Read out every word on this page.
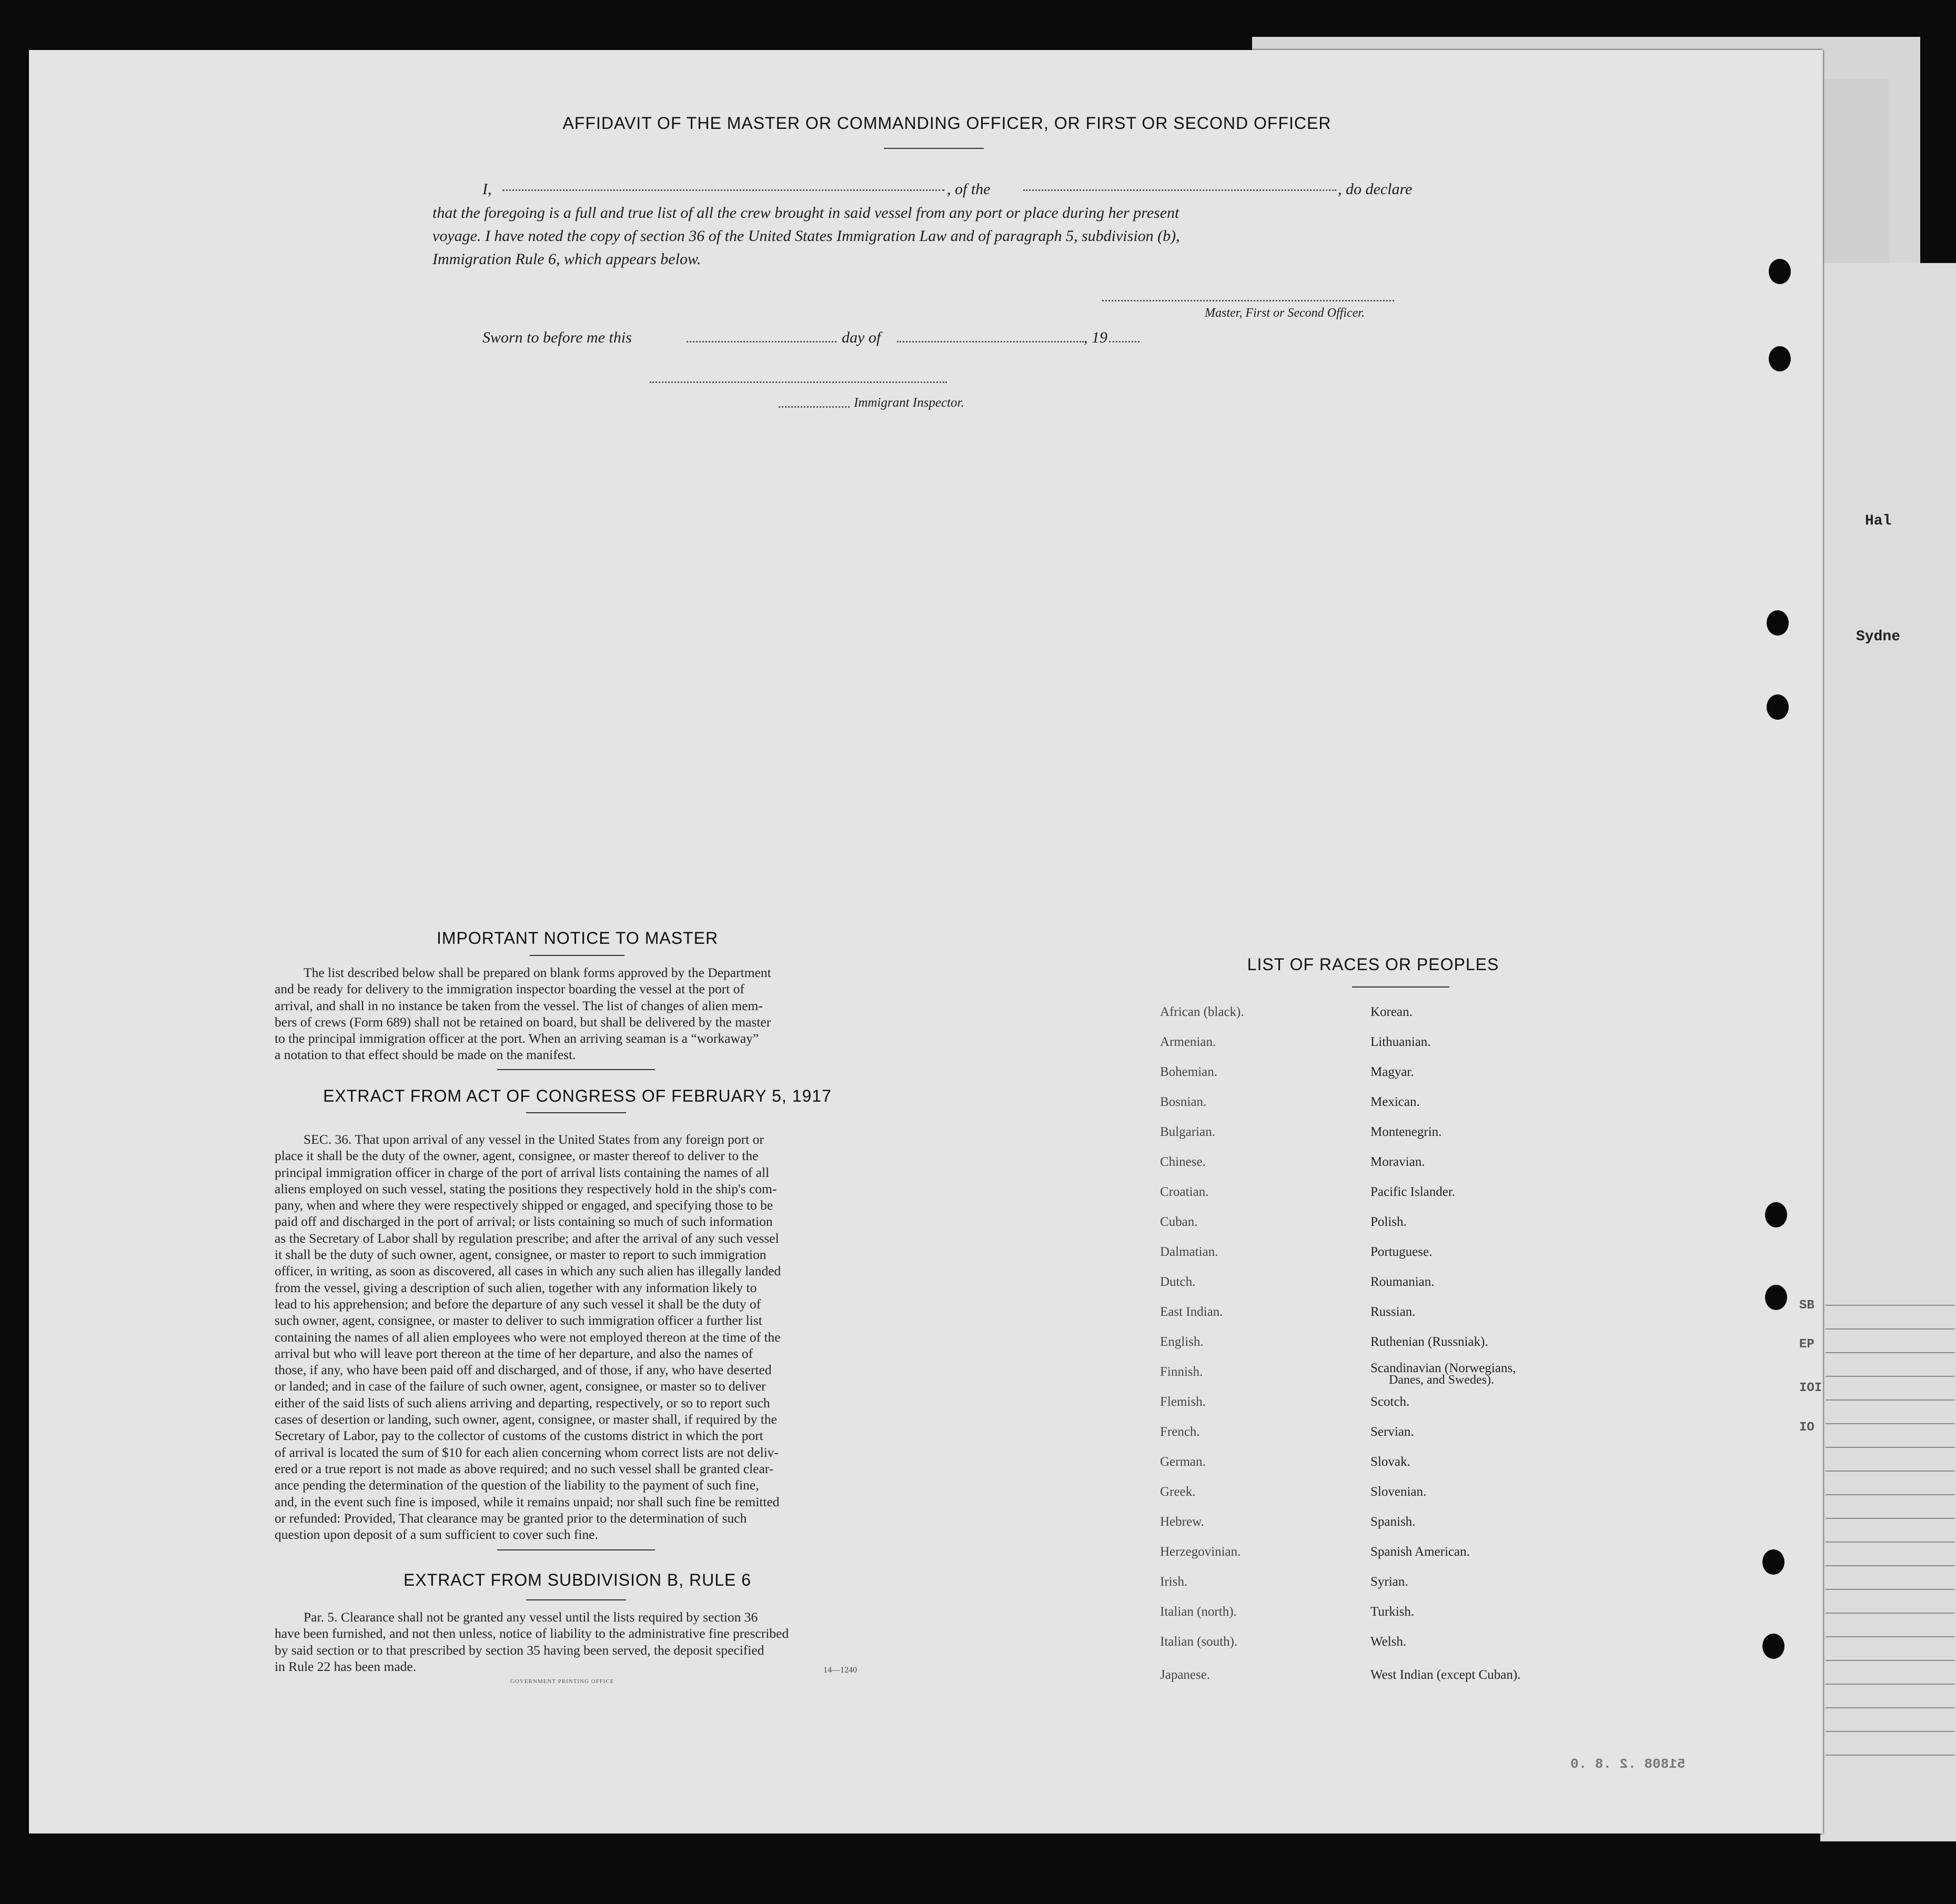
Hal
Sydne
SB
EP
IOI
IO
51808 .2 .8 .0
AFFIDAVIT OF THE MASTER OR COMMANDING OFFICER, OR FIRST OR SECOND OFFICER
I,	, of the	, do declare
that the foregoing is a full and true list of all the crew brought in said vessel from any port or place during her present
voyage. I have noted the copy of section 36 of the United States Immigration Law and of paragraph 5, subdivision (b),
Immigration Rule 6, which appears below.
Master, First or Second Officer.
Sworn to before me this	day of	, 19
Immigrant Inspector.
IMPORTANT NOTICE TO MASTER
The list described below shall be prepared on blank forms approved by the Department
and be ready for delivery to the immigration inspector boarding the vessel at the port of
arrival, and shall in no instance be taken from the vessel. The list of changes of alien mem-
bers of crews (Form 689) shall not be retained on board, but shall be delivered by the master
to the principal immigration officer at the port. When an arriving seaman is a “workaway”
a notation to that effect should be made on the manifest.
EXTRACT FROM ACT OF CONGRESS OF FEBRUARY 5, 1917
SEC. 36. That upon arrival of any vessel in the United States from any foreign port or
place it shall be the duty of the owner, agent, consignee, or master thereof to deliver to the
principal immigration officer in charge of the port of arrival lists containing the names of all
aliens employed on such vessel, stating the positions they respectively hold in the ship's com-
pany, when and where they were respectively shipped or engaged, and specifying those to be
paid off and discharged in the port of arrival; or lists containing so much of such information
as the Secretary of Labor shall by regulation prescribe; and after the arrival of any such vessel
it shall be the duty of such owner, agent, consignee, or master to report to such immigration
officer, in writing, as soon as discovered, all cases in which any such alien has illegally landed
from the vessel, giving a description of such alien, together with any information likely to
lead to his apprehension; and before the departure of any such vessel it shall be the duty of
such owner, agent, consignee, or master to deliver to such immigration officer a further list
containing the names of all alien employees who were not employed thereon at the time of the
arrival but who will leave port thereon at the time of her departure, and also the names of
those, if any, who have been paid off and discharged, and of those, if any, who have deserted
or landed; and in case of the failure of such owner, agent, consignee, or master so to deliver
either of the said lists of such aliens arriving and departing, respectively, or so to report such
cases of desertion or landing, such owner, agent, consignee, or master shall, if required by the
Secretary of Labor, pay to the collector of customs of the customs district in which the port
of arrival is located the sum of $10 for each alien concerning whom correct lists are not deliv-
ered or a true report is not made as above required; and no such vessel shall be granted clear-
ance pending the determination of the question of the liability to the payment of such fine,
and, in the event such fine is imposed, while it remains unpaid; nor shall such fine be remitted
or refunded: Provided, That clearance may be granted prior to the determination of such
question upon deposit of a sum sufficient to cover such fine.
EXTRACT FROM SUBDIVISION B, RULE 6
Par. 5. Clearance shall not be granted any vessel until the lists required by section 36
have been furnished, and not then unless, notice of liability to the administrative fine prescribed
by said section or to that prescribed by section 35 having been served, the deposit specified
in Rule 22 has been made.
GOVERNMENT PRINTING OFFICE
14—1240
LIST OF RACES OR PEOPLES
African (black).
Armenian.
Bohemian.
Bosnian.
Bulgarian.
Chinese.
Croatian.
Cuban.
Dalmatian.
Dutch.
East Indian.
English.
Finnish.
Flemish.
French.
German.
Greek.
Hebrew.
Herzegovinian.
Irish.
Italian (north).
Italian (south).
Japanese.
Korean.
Lithuanian.
Magyar.
Mexican.
Montenegrin.
Moravian.
Pacific Islander.
Polish.
Portuguese.
Roumanian.
Russian.
Ruthenian (Russniak).
Scandinavian (Norwegians,
Danes, and Swedes).
Scotch.
Servian.
Slovak.
Slovenian.
Spanish.
Spanish American.
Syrian.
Turkish.
Welsh.
West Indian (except Cuban).
